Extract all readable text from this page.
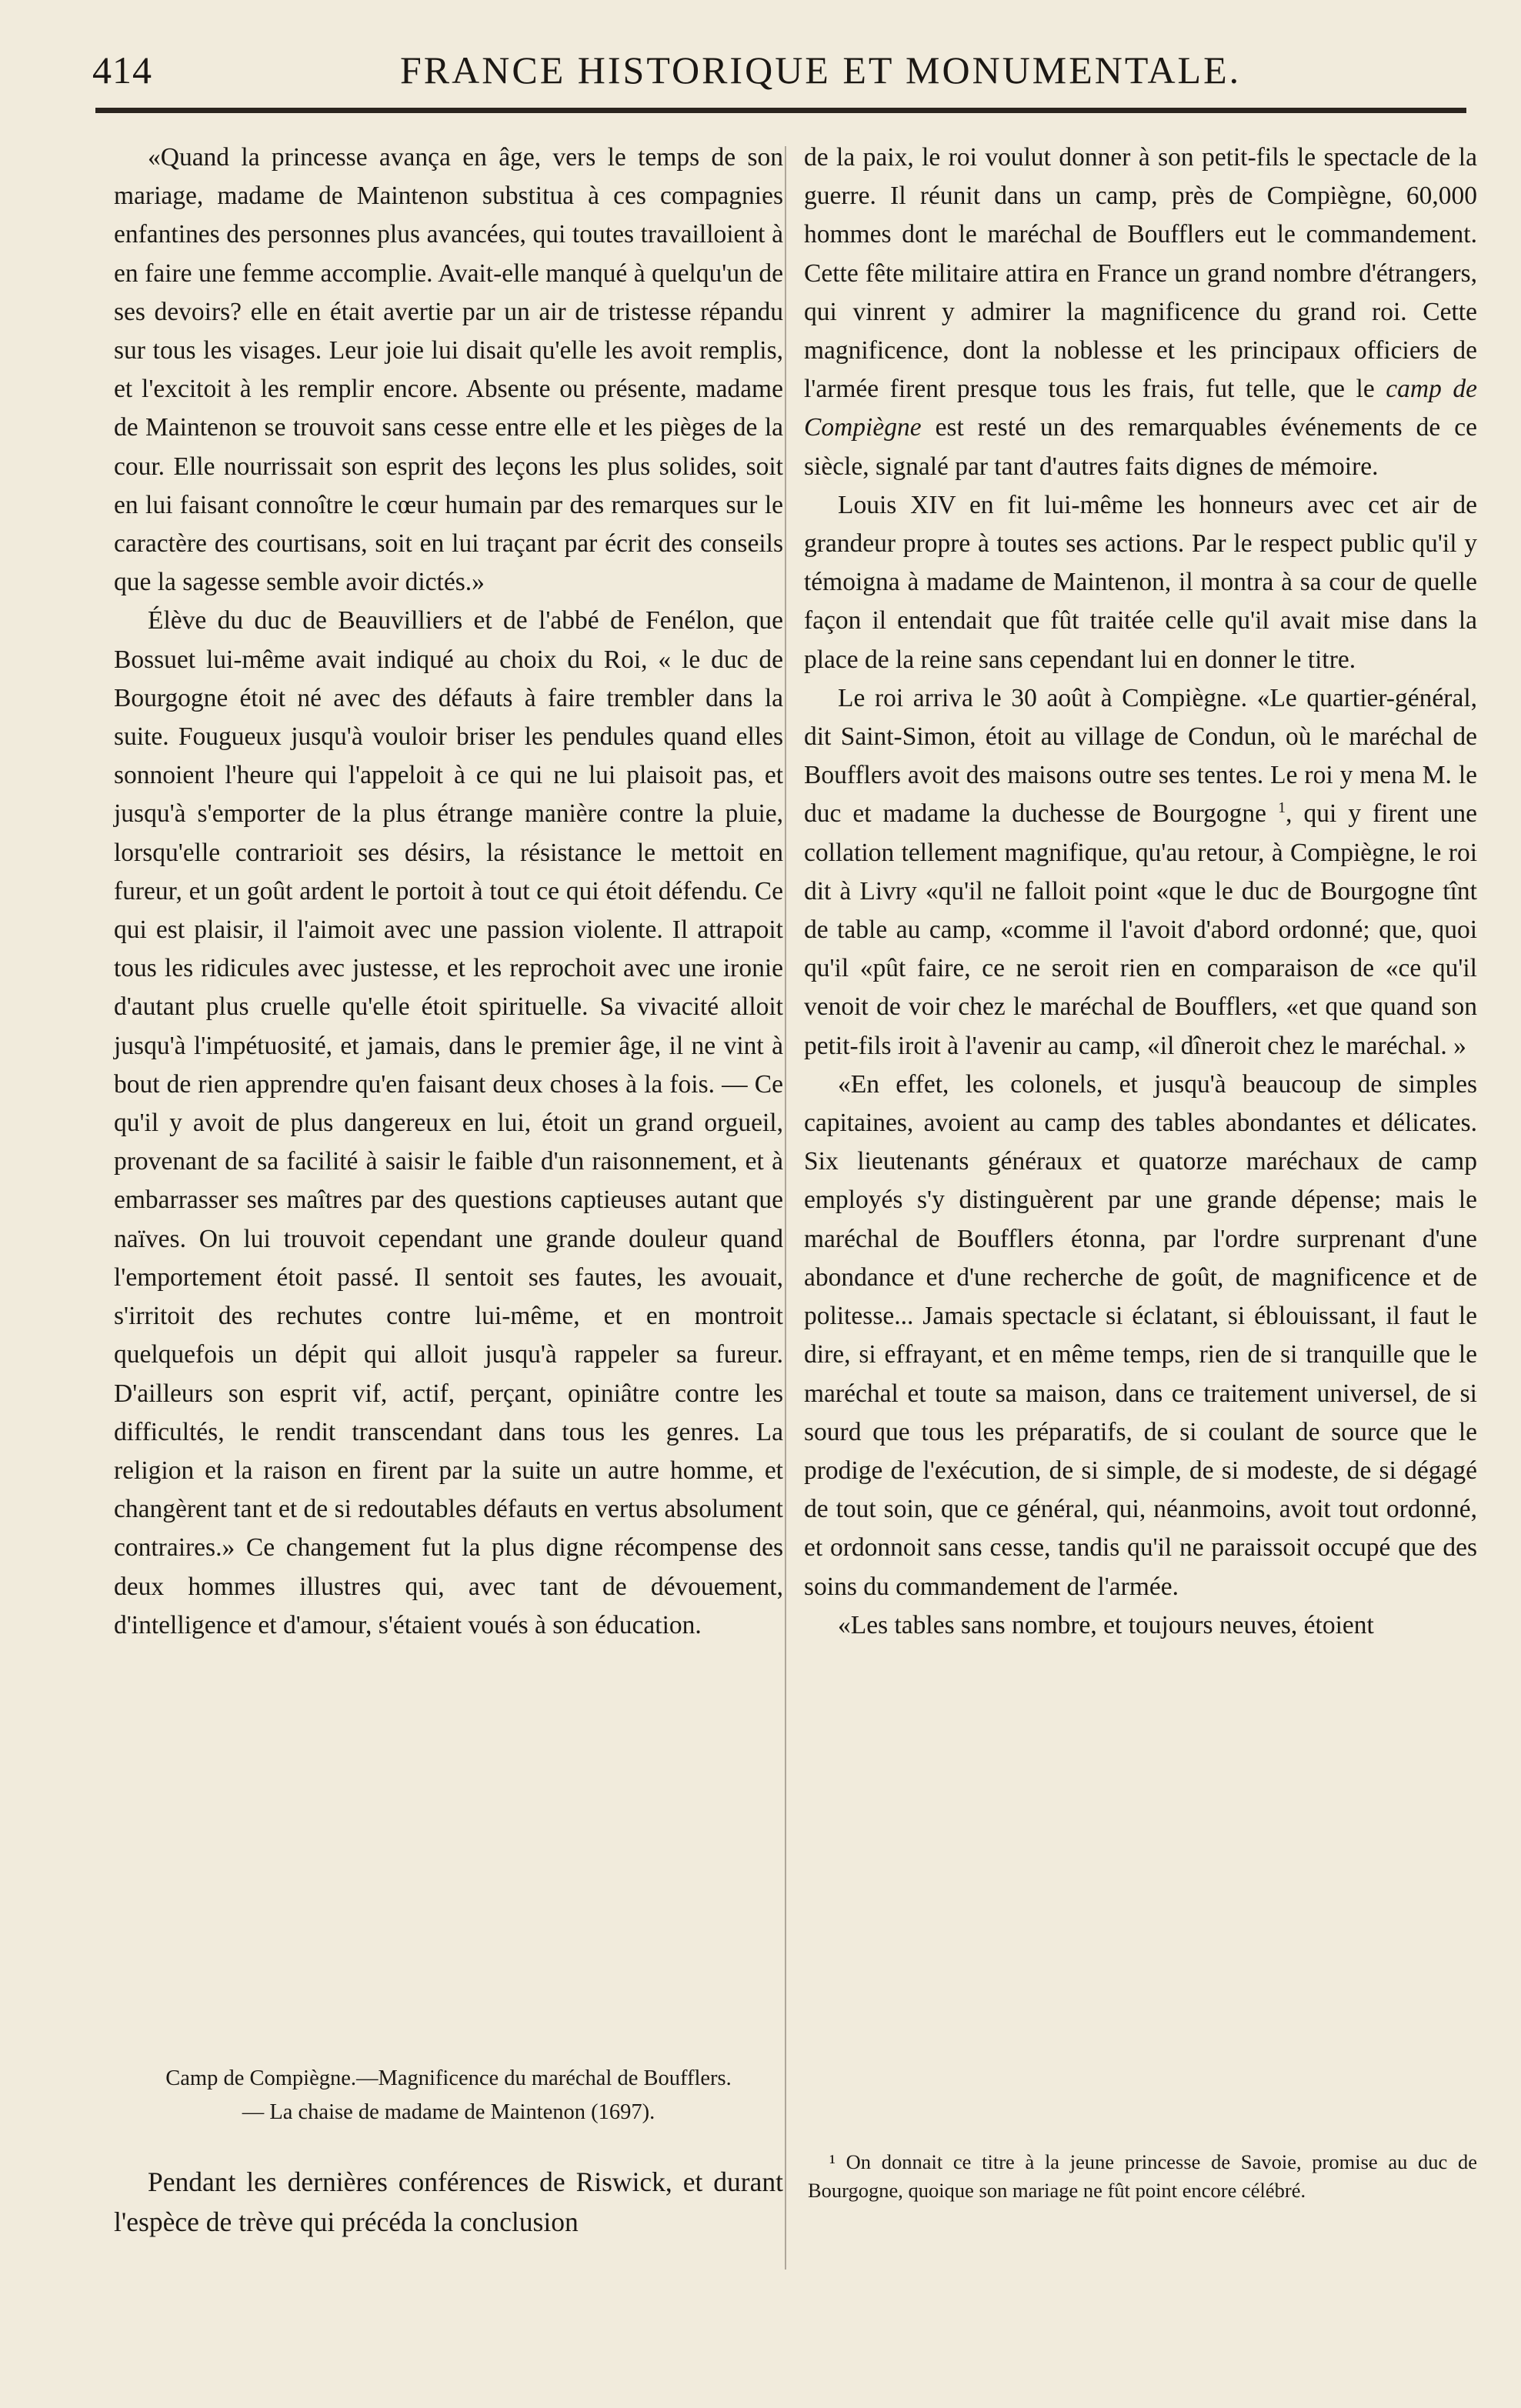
414	FRANCE HISTORIQUE ET MONUMENTALE.

«Quand la princesse avança en âge, vers le temps de son mariage, madame de Maintenon substitua à ces compagnies enfantines des personnes plus avancées, qui toutes travailloient à en faire une femme accomplie. Avait-elle manqué à quelqu'un de ses devoirs? elle en était avertie par un air de tristesse répandu sur tous les visages. Leur joie lui disait qu'elle les avoit remplis, et l'excitoit à les remplir encore. Absente ou présente, madame de Maintenon se trouvoit sans cesse entre elle et les pièges de la cour. Elle nourrissait son esprit des leçons les plus solides, soit en lui faisant connoître le cœur humain par des remarques sur le caractère des courtisans, soit en lui traçant par écrit des conseils que la sagesse semble avoir dictés.»

Élève du duc de Beauvilliers et de l'abbé de Fenélon, que Bossuet lui-même avait indiqué au choix du Roi, « le duc de Bourgogne étoit né avec des défauts à faire trembler dans la suite. Fougueux jusqu'à vouloir briser les pendules quand elles sonnoient l'heure qui l'appeloit à ce qui ne lui plaisoit pas, et jusqu'à s'emporter de la plus étrange manière contre la pluie, lorsqu'elle contrarioit ses désirs, la résistance le mettoit en fureur, et un goût ardent le portoit à tout ce qui étoit défendu. Ce qui est plaisir, il l'aimoit avec une passion violente. Il attrapoit tous les ridicules avec justesse, et les reprochoit avec une ironie d'autant plus cruelle qu'elle étoit spirituelle. Sa vivacité alloit jusqu'à l'impétuosité, et jamais, dans le premier âge, il ne vint à bout de rien apprendre qu'en faisant deux choses à la fois. — Ce qu'il y avoit de plus dangereux en lui, étoit un grand orgueil, provenant de sa facilité à saisir le faible d'un raisonnement, et à embarrasser ses maîtres par des questions captieuses autant que naïves. On lui trouvoit cependant une grande douleur quand l'emportement étoit passé. Il sentoit ses fautes, les avouait, s'irritoit des rechutes contre lui-même, et en montroit quelquefois un dépit qui alloit jusqu'à rappeler sa fureur. D'ailleurs son esprit vif, actif, perçant, opiniâtre contre les difficultés, le rendit transcendant dans tous les genres. La religion et la raison en firent par la suite un autre homme, et changèrent tant et de si redoutables défauts en vertus absolument contraires.» Ce changement fut la plus digne récompense des deux hommes illustres qui, avec tant de dévouement, d'intelligence et d'amour, s'étaient voués à son éducation.

Camp de Compiègne.—Magnificence du maréchal de Boufflers.
— La chaise de madame de Maintenon (1697).

Pendant les dernières conférences de Riswick, et durant l'espèce de trève qui précéda la conclusion

de la paix, le roi voulut donner à son petit-fils le spectacle de la guerre. Il réunit dans un camp, près de Compiègne, 60,000 hommes dont le maréchal de Boufflers eut le commandement. Cette fête militaire attira en France un grand nombre d'étrangers, qui vinrent y admirer la magnificence du grand roi. Cette magnificence, dont la noblesse et les principaux officiers de l'armée firent presque tous les frais, fut telle, que le camp de Compiègne est resté un des remarquables événements de ce siècle, signalé par tant d'autres faits dignes de mémoire.

Louis XIV en fit lui-même les honneurs avec cet air de grandeur propre à toutes ses actions. Par le respect public qu'il y témoigna à madame de Maintenon, il montra à sa cour de quelle façon il entendait que fût traitée celle qu'il avait mise dans la place de la reine sans cependant lui en donner le titre.

Le roi arriva le 30 août à Compiègne. «Le quartier-général, dit Saint-Simon, étoit au village de Condun, où le maréchal de Boufflers avoit des maisons outre ses tentes. Le roi y mena M. le duc et madame la duchesse de Bourgogne $^1$, qui y firent une collation tellement magnifique, qu'au retour, à Compiègne, le roi dit à Livry «qu'il ne falloit point «que le duc de Bourgogne tînt de table au camp, «comme il l'avoit d'abord ordonné; que, quoi qu'il «pût faire, ce ne seroit rien en comparaison de «ce qu'il venoit de voir chez le maréchal de Boufflers, «et que quand son petit-fils iroit à l'avenir au camp, «il dîneroit chez le maréchal. »

«En effet, les colonels, et jusqu'à beaucoup de simples capitaines, avoient au camp des tables abondantes et délicates. Six lieutenants généraux et quatorze maréchaux de camp employés s'y distinguèrent par une grande dépense; mais le maréchal de Boufflers étonna, par l'ordre surprenant d'une abondance et d'une recherche de goût, de magnificence et de politesse... Jamais spectacle si éclatant, si éblouissant, il faut le dire, si effrayant, et en même temps, rien de si tranquille que le maréchal et toute sa maison, dans ce traitement universel, de si sourd que tous les préparatifs, de si coulant de source que le prodige de l'exécution, de si simple, de si modeste, de si dégagé de tout soin, que ce général, qui, néanmoins, avoit tout ordonné, et ordonnoit sans cesse, tandis qu'il ne paraissoit occupé que des soins du commandement de l'armée.

«Les tables sans nombre, et toujours neuves, étoient

¹ On donnait ce titre à la jeune princesse de Savoie, promise au duc de Bourgogne, quoique son mariage ne fût point encore célébré.
